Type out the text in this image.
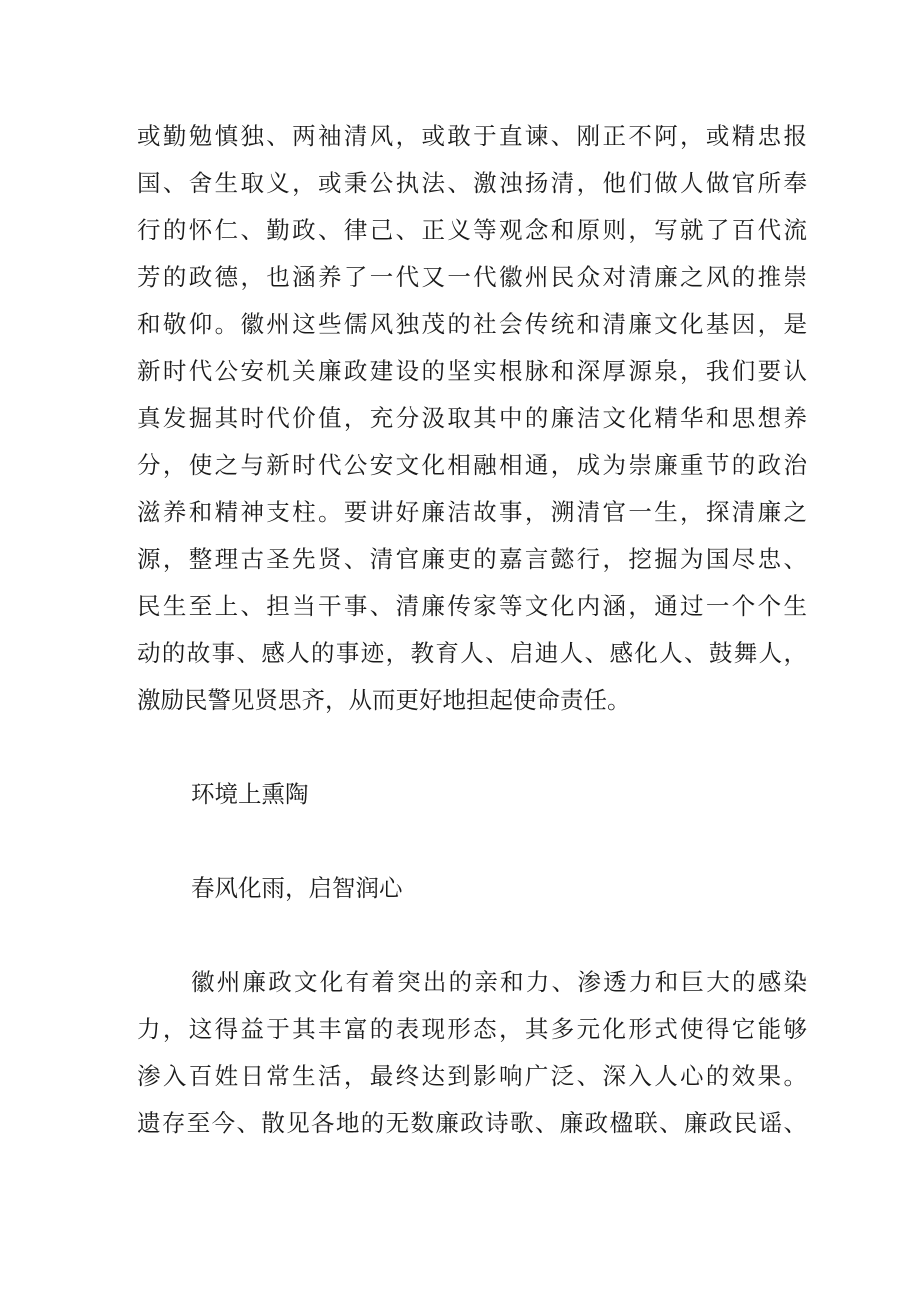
或勤勉慎独、两袖清风，或敢于直谏、刚正不阿，或精忠报
国、舍生取义，或秉公执法、激浊扬清，他们做人做官所奉
行的怀仁、勤政、律己、正义等观念和原则，写就了百代流
芳的政德，也涵养了一代又一代徽州民众对清廉之风的推崇
和敬仰。徽州这些儒风独茂的社会传统和清廉文化基因，是
新时代公安机关廉政建设的坚实根脉和深厚源泉，我们要认
真发掘其时代价值，充分汲取其中的廉洁文化精华和思想养
分，使之与新时代公安文化相融相通，成为崇廉重节的政治
滋养和精神支柱。要讲好廉洁故事，溯清官一生，探清廉之
源，整理古圣先贤、清官廉吏的嘉言懿行，挖掘为国尽忠、
民生至上、担当干事、清廉传家等文化内涵，通过一个个生
动的故事、感人的事迹，教育人、启迪人、感化人、鼓舞人，
激励民警见贤思齐，从而更好地担起使命责任。
环境上熏陶
春风化雨，启智润心
徽州廉政文化有着突出的亲和力、渗透力和巨大的感染
力，这得益于其丰富的表现形态，其多元化形式使得它能够
渗入百姓日常生活，最终达到影响广泛、深入人心的效果。
遗存至今、散见各地的无数廉政诗歌、廉政楹联、廉政民谣、
